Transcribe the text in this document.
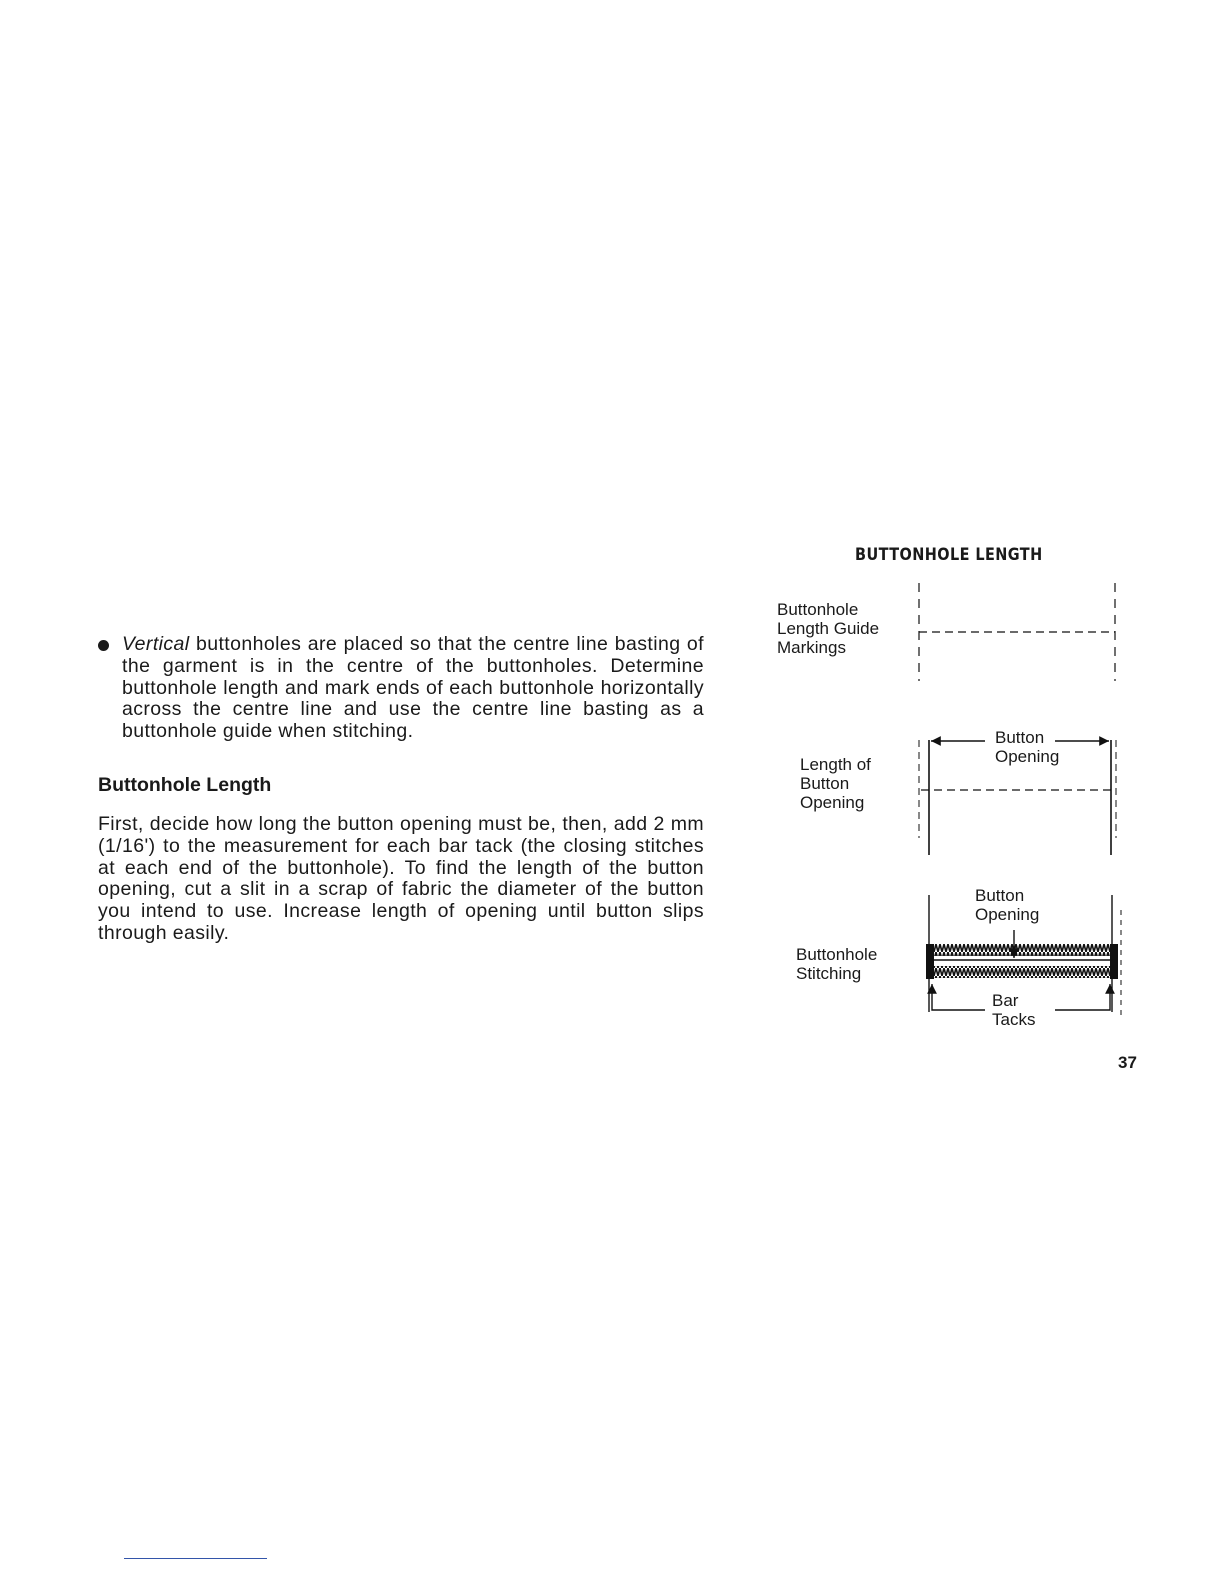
Vertical buttonholes are placed so that the centre line basting of the garment is in the centre of the buttonholes. Determine buttonhole length and mark ends of each buttonhole horizontally across the centre line and use the centre line basting as a buttonhole guide when stitching.
Buttonhole Length
First, decide how long the button opening must be, then, add 2 mm (1/16') to the measurement for each bar tack (the closing stitches at each end of the buttonhole). To find the length of the button opening, cut a slit in a scrap of fabric the diameter of the button you intend to use. Increase length of opening until button slips through easily.
BUTTONHOLE LENGTH
Buttonhole
Length Guide
Markings
Length of
Button
Opening
Button
Opening
Buttonhole
Stitching
Button
Opening
Bar
Tacks
37
